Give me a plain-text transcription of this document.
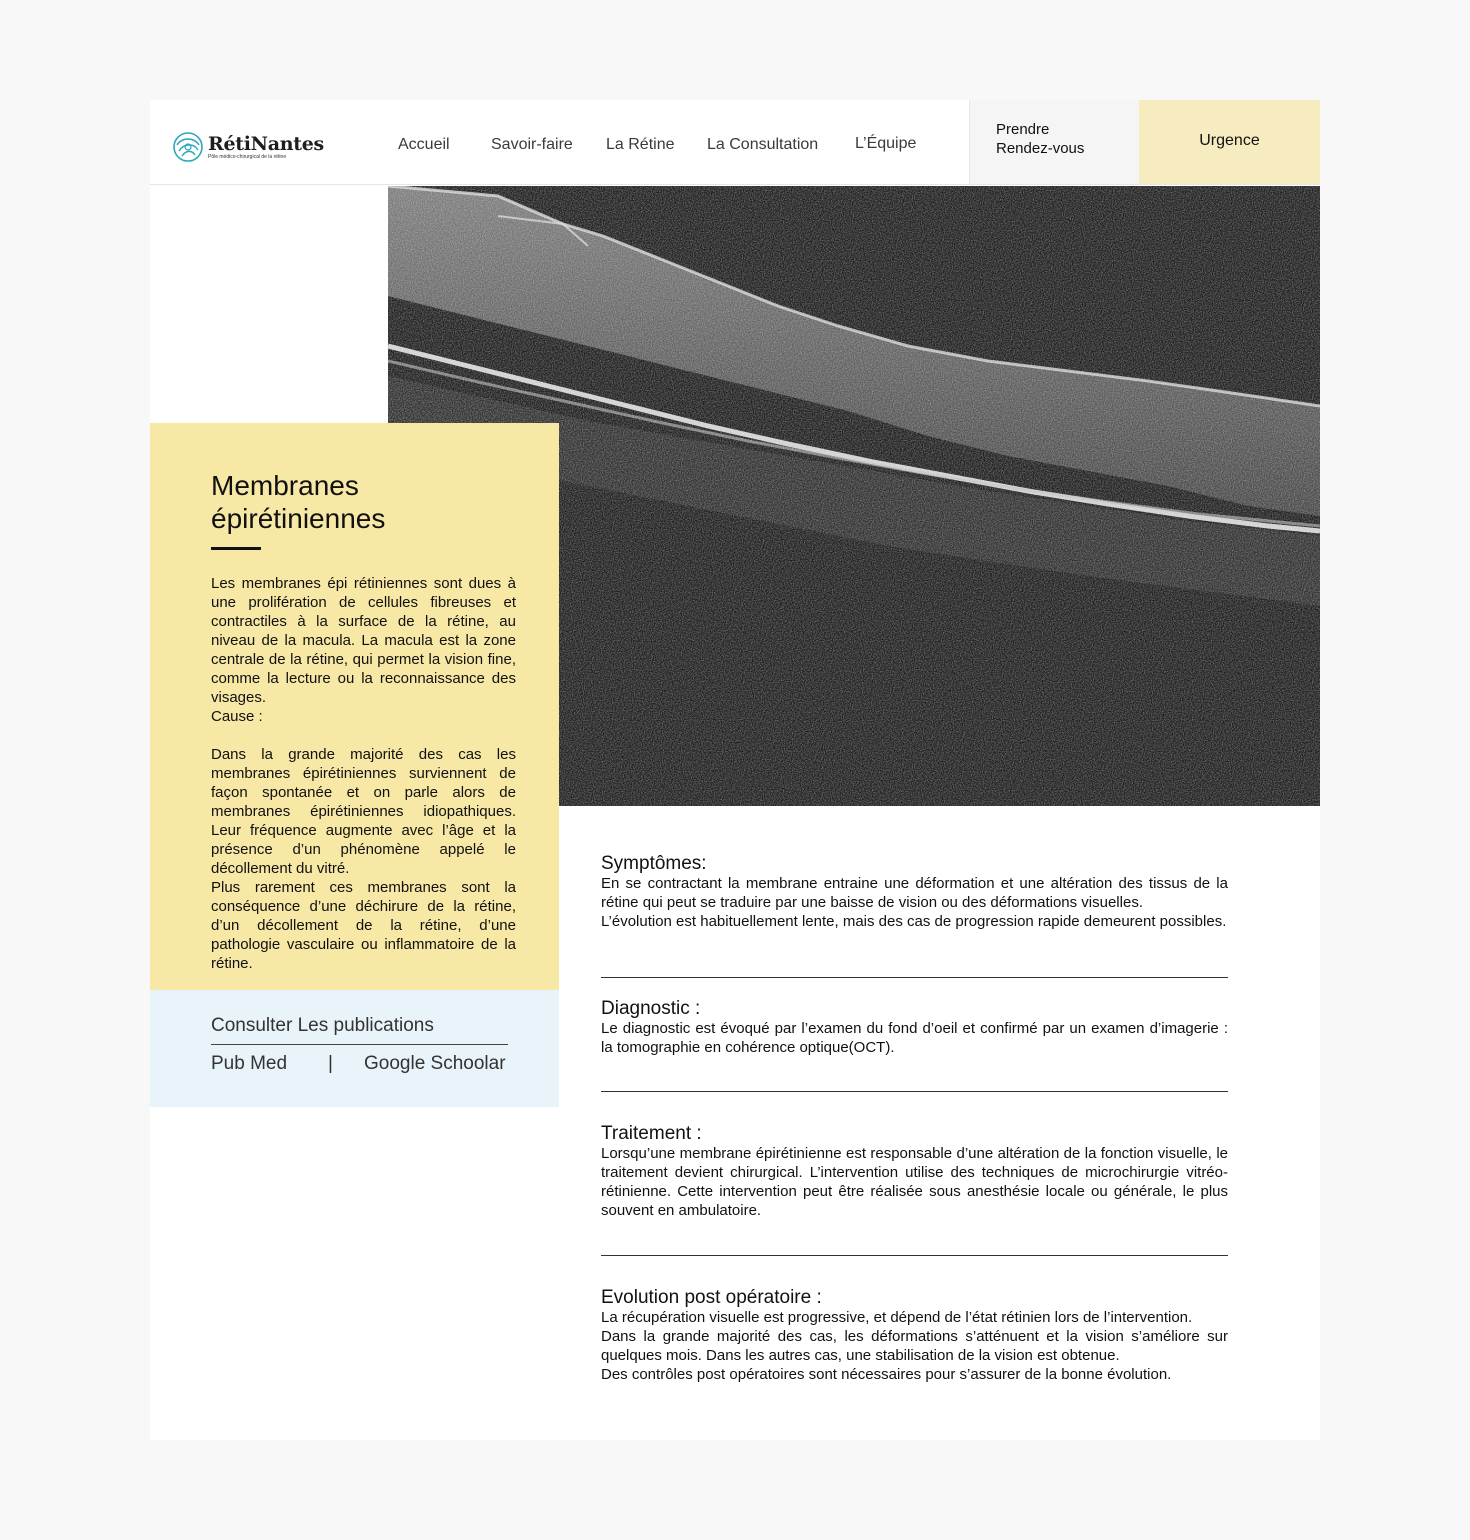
RétiNantes
Pôle médico-chirurgical de la rétine
Accueil	Savoir-faire La Rétine La Consultation L’Équipe
Prendre
Rendez-vous	Urgence
Membranes
épirétiniennes

Les membranes épi rétiniennes sont dues à une prolifération de cellules fibreuses et contractiles à la surface de la rétine, au niveau de la macula. La macula est la zone centrale de la rétine, qui permet la vision fine, comme la lecture ou la reconnaissance des visages.

Cause :

Dans la grande majorité des cas les membranes épirétiniennes surviennent de façon spontanée et on parle alors de membranes épirétiniennes idiopathiques. Leur fréquence augmente avec l’âge et la présence d’un phénomène appelé le décollement du vitré.

Plus rarement ces membranes sont la conséquence d’une déchirure de la rétine, d’un décollement de la rétine, d’une pathologie vasculaire ou inflammatoire de la rétine.

Consulter Les publications
Pub Med | Google Schoolar
Symptômes:

En se contractant la membrane entraine une déformation et une altération des tissus de la rétine qui peut se traduire par une baisse de vision ou des déformations visuelles.

L’évolution est habituellement lente, mais des cas de progression rapide demeurent possibles.

Diagnostic :

Le diagnostic est évoqué par l’examen du fond d’oeil et confirmé par un examen d’imagerie : la tomographie en cohérence optique(OCT).

Traitement :

Lorsqu’une membrane épirétinienne est responsable d’une altération de la fonction visuelle, le traitement devient chirurgical. L’intervention utilise des techniques de microchirurgie vitréo-rétinienne. Cette intervention peut être réalisée sous anesthésie locale ou générale, le plus souvent en ambulatoire.

Evolution post opératoire :

La récupération visuelle est progressive, et dépend de l’état rétinien lors de l’intervention.

Dans la grande majorité des cas, les déformations s’atténuent et la vision s’améliore sur quelques mois. Dans les autres cas, une stabilisation de la vision est obtenue.

Des contrôles post opératoires sont nécessaires pour s’assurer de la bonne évolution.
